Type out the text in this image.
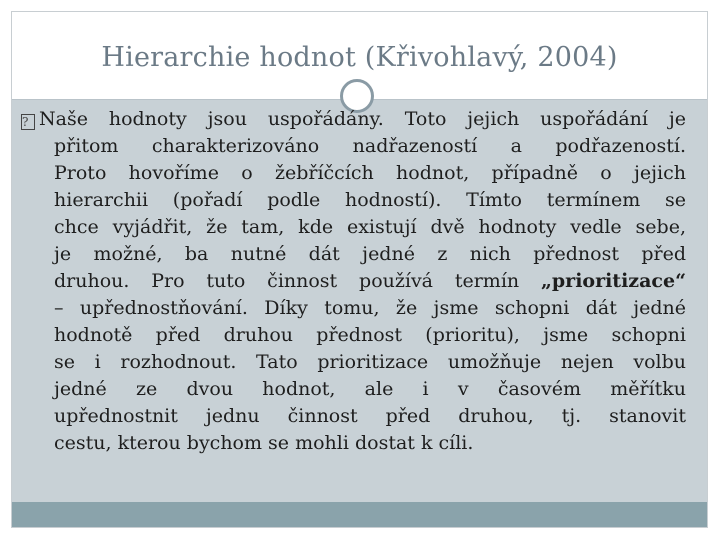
Hierarchie hodnot (Křivohlavý, 2004)
? Naše hodnoty jsou uspořádány. Toto jejich uspořádání je
přitom charakterizováno nadřazeností a podřazeností.
Proto hovoříme o žebříčcích hodnot, případně o jejich
hierarchii (pořadí podle hodností). Tímto termínem se
chce vyjádřit, že tam, kde existují dvě hodnoty vedle sebe,
je možné, ba nutné dát jedné z nich přednost před
druhou. Pro tuto činnost používá termín „prioritizace“
– upřednostňování. Díky tomu, že jsme schopni dát jedné
hodnotě před druhou přednost (prioritu), jsme schopni
se i rozhodnout. Tato prioritizace umožňuje nejen volbu
jedné ze dvou hodnot, ale i v časovém měřítku
upřednostnit jednu činnost před druhou, tj. stanovit
cestu, kterou bychom se mohli dostat k cíli.
